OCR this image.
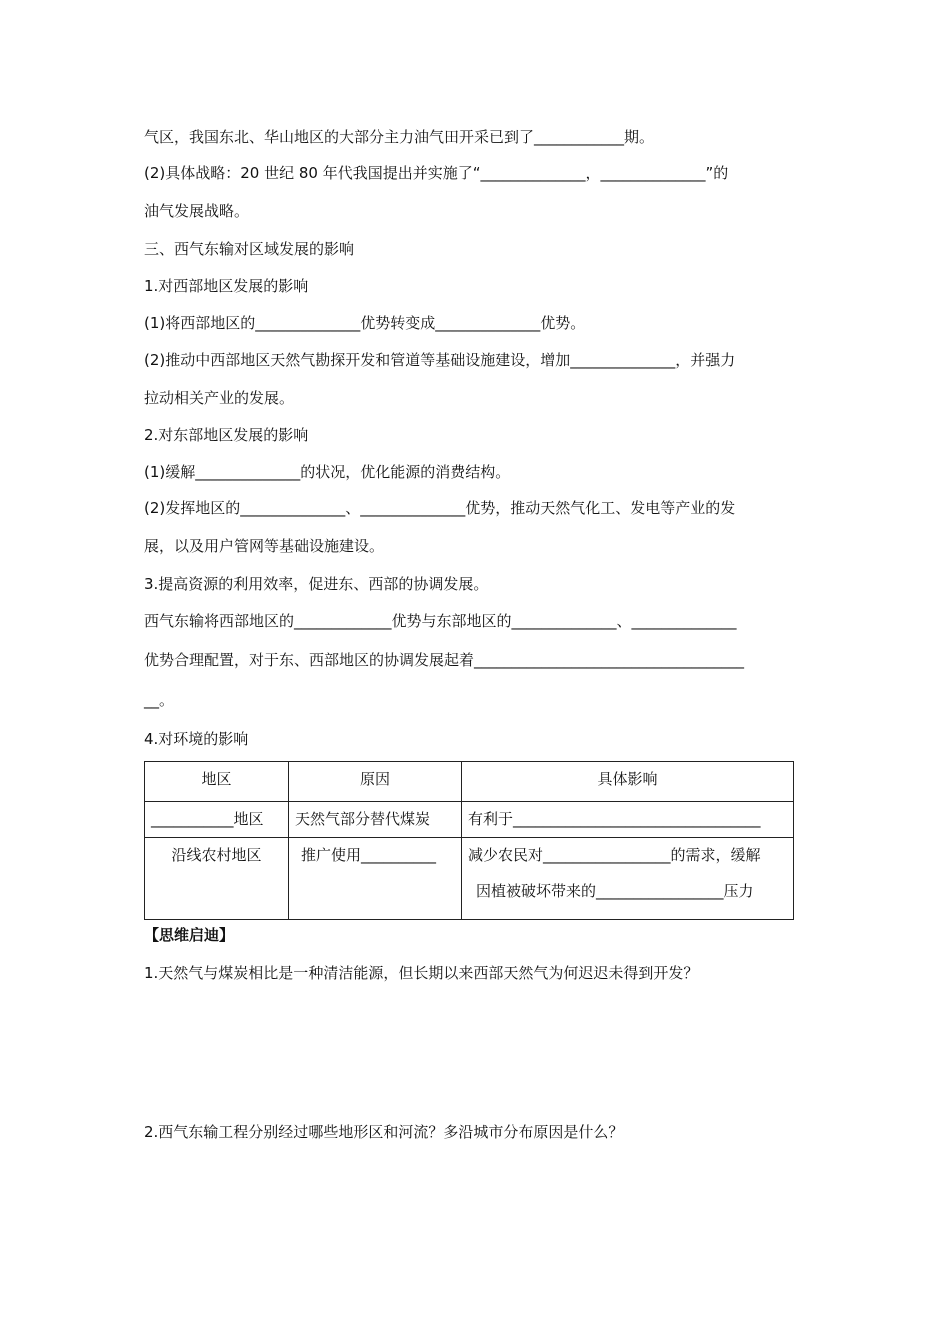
气区，我国东北、华山地区的大部分主力油气田开采已到了____________期。
(2)具体战略：20 世纪 80 年代我国提出并实施了“______________，______________”的
油气发展战略。
三、西气东输对区域发展的影响
1.对西部地区发展的影响
(1)将西部地区的______________优势转变成______________优势。
(2)推动中西部地区天然气勘探开发和管道等基础设施建设，增加______________，并强力
拉动相关产业的发展。
2.对东部地区发展的影响
(1)缓解______________的状况，优化能源的消费结构。
(2)发挥地区的______________、______________优势，推动天然气化工、发电等产业的发
展，以及用户管网等基础设施建设。
3.提高资源的利用效率，促进东、西部的协调发展。
西气东输将西部地区的_____________优势与东部地区的______________、______________
优势合理配置，对于东、西部地区的协调发展起着____________________________________
__。
4.对环境的影响
地区	原因	具体影响

___________地区	天然气部分替代煤炭	有利于_________________________________

沿线农村地区	推广使用__________	减少农民对_________________的需求，缓解
因植被破坏带来的_________________压力
【思维启迪】
1.天然气与煤炭相比是一种清洁能源，但长期以来西部天然气为何迟迟未得到开发？
2.西气东输工程分别经过哪些地形区和河流？多沿城市分布原因是什么？
